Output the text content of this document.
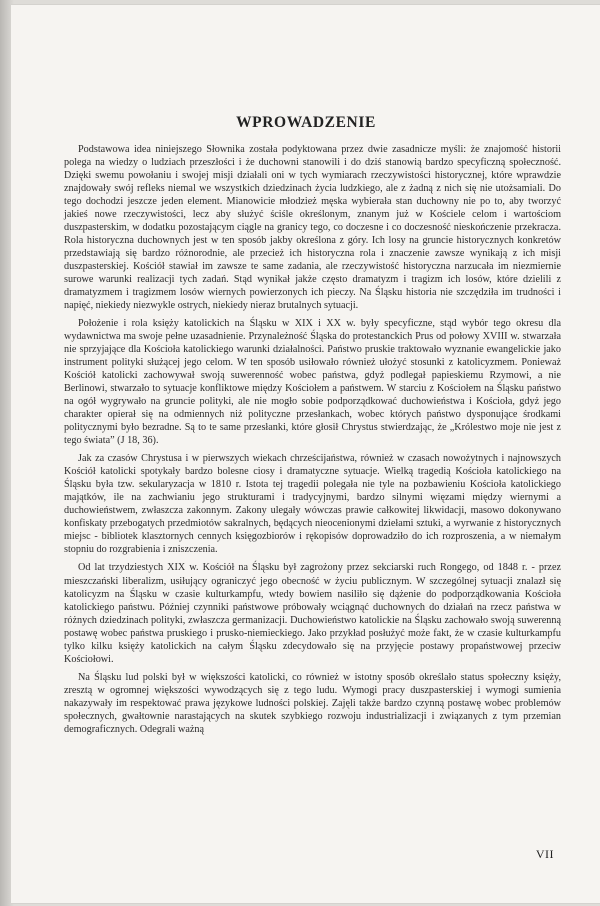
WPROWADZENIE

Podstawowa idea niniejszego Słownika została podyktowana przez dwie zasadnicze myśli: że znajomość historii polega na wiedzy o ludziach przeszłości i że duchowni stanowili i do dziś stanowią bardzo specyficzną społeczność. Dzięki swemu powołaniu i swojej misji działali oni w tych wymiarach rzeczywistości historycznej, które wprawdzie znajdowały swój refleks niemal we wszystkich dziedzinach życia ludzkiego, ale z żadną z nich się nie utożsamiali. Do tego dochodzi jeszcze jeden element. Mianowicie młodzież męska wybierała stan duchowny nie po to, aby tworzyć jakieś nowe rzeczywistości, lecz aby służyć ściśle określonym, znanym już w Kościele celom i wartościom duszpasterskim, w dodatku pozostającym ciągle na granicy tego, co doczesne i co doczesność nieskończenie przekracza. Rola historyczna duchownych jest w ten sposób jakby określona z góry. Ich losy na gruncie historycznych konkretów przedstawiają się bardzo różnorodnie, ale przecież ich historyczna rola i znaczenie zawsze wynikają z ich misji duszpasterskiej. Kościół stawiał im zawsze te same zadania, ale rzeczywistość historyczna narzucała im niezmiernie surowe warunki realizacji tych zadań. Stąd wynikał jakże często dramatyzm i tragizm ich losów, które dzielili z dramatyzmem i tragizmem losów wiernych powierzonych ich pieczy. Na Śląsku historia nie szczędziła im trudności i napięć, niekiedy niezwykle ostrych, niekiedy nieraz brutalnych sytuacji.

Położenie i rola księży katolickich na Śląsku w XIX i XX w. były specyficzne, stąd wybór tego okresu dla wydawnictwa ma swoje pełne uzasadnienie. Przynależność Śląska do protestanckich Prus od połowy XVIII w. stwarzała nie sprzyjające dla Kościoła katolickiego warunki działalności. Państwo pruskie traktowało wyznanie ewangelickie jako instrument polityki służącej jego celom. W ten sposób usiłowało również ułożyć stosunki z katolicyzmem. Ponieważ Kościół katolicki zachowywał swoją suwerenność wobec państwa, gdyż podlegał papieskiemu Rzymowi, a nie Berlinowi, stwarzało to sytuacje konfliktowe między Kościołem a państwem. W starciu z Kościołem na Śląsku państwo na ogół wygrywało na gruncie polityki, ale nie mogło sobie podporządkować duchowieństwa i Kościoła, gdyż jego charakter opierał się na odmiennych niż polityczne przesłankach, wobec których państwo dysponujące środkami politycznymi było bezradne. Są to te same przesłanki, które głosił Chrystus stwierdzając, że „Królestwo moje nie jest z tego świata” (J 18, 36).

Jak za czasów Chrystusa i w pierwszych wiekach chrześcijaństwa, również w czasach nowożytnych i najnowszych Kościół katolicki spotykały bardzo bolesne ciosy i dramatyczne sytuacje. Wielką tragedią Kościoła katolickiego na Śląsku była tzw. sekularyzacja w 1810 r. Istota tej tragedii polegała nie tyle na pozbawieniu Kościoła katolickiego majątków, ile na zachwianiu jego strukturami i tradycyjnymi, bardzo silnymi więzami między wiernymi a duchowieństwem, zwłaszcza zakonnym. Zakony ulegały wówczas prawie całkowitej likwidacji, masowo dokonywano konfiskaty przebogatych przedmiotów sakralnych, będących nieocenionymi dziełami sztuki, a wyrwanie z historycznych miejsc - bibliotek klasztornych cennych księgozbiorów i rękopisów doprowadziło do ich rozproszenia, a w niemałym stopniu do rozgrabienia i zniszczenia.

Od lat trzydziestych XIX w. Kościół na Śląsku był zagrożony przez sekciarski ruch Rongego, od 1848 r. - przez mieszczański liberalizm, usiłujący ograniczyć jego obecność w życiu publicznym. W szczególnej sytuacji znalazł się katolicyzm na Śląsku w czasie kulturkampfu, wtedy bowiem nasiliło się dążenie do podporządkowania Kościoła katolickiego państwu. Później czynniki państwowe próbowały wciągnąć duchownych do działań na rzecz państwa w różnych dziedzinach polityki, zwłaszcza germanizacji. Duchowieństwo katolickie na Śląsku zachowało swoją suwerenną postawę wobec państwa pruskiego i prusko-niemieckiego. Jako przykład posłużyć może fakt, że w czasie kulturkampfu tylko kilku księży katolickich na całym Śląsku zdecydowało się na przyjęcie postawy propaństwowej przeciw Kościołowi.

Na Śląsku lud polski był w większości katolicki, co również w istotny sposób określało status społeczny księży, zresztą w ogromnej większości wywodzących się z tego ludu. Wymogi pracy duszpasterskiej i wymogi sumienia nakazywały im respektować prawa językowe ludności polskiej. Zajęli także bardzo czynną postawę wobec problemów społecznych, gwałtownie narastających na skutek szybkiego rozwoju industrializacji i związanych z tym przemian demograficznych. Odegrali ważną

VII
